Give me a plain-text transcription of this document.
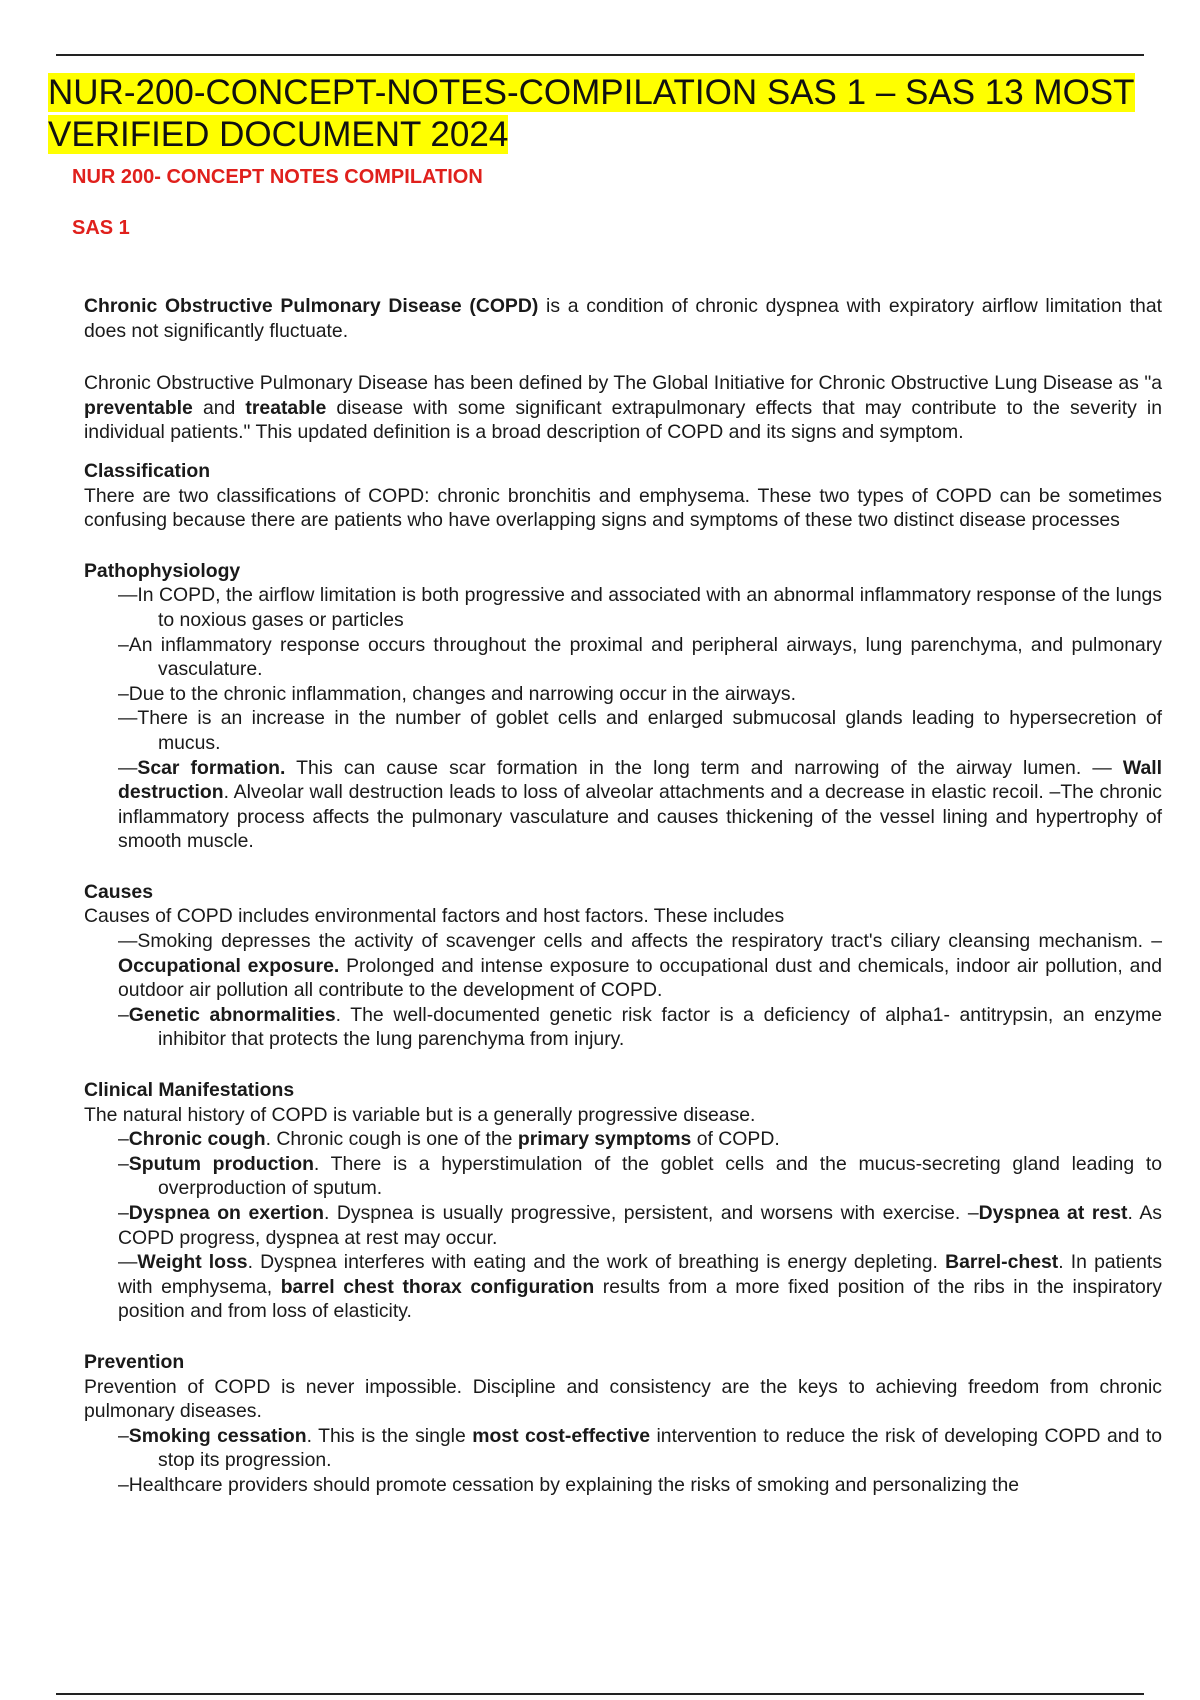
NUR-200-CONCEPT-NOTES-COMPILATION SAS 1 – SAS 13 MOST
VERIFIED DOCUMENT 2024
NUR 200- CONCEPT NOTES COMPILATION
SAS 1

Chronic Obstructive Pulmonary Disease (COPD) is a condition of chronic dyspnea with expiratory airflow limitation that does not significantly fluctuate.

Chronic Obstructive Pulmonary Disease has been defined by The Global Initiative for Chronic Obstructive Lung Disease as "a preventable and treatable disease with some significant extrapulmonary effects that may contribute to the severity in individual patients." This updated definition is a broad description of COPD and its signs and symptom.

Classification

There are two classifications of COPD: chronic bronchitis and emphysema. These two types of COPD can be sometimes confusing because there are patients who have overlapping signs and symptoms of these two distinct disease processes

Pathophysiology
—In COPD, the airflow limitation is both progressive and associated with an abnormal inflammatory response of the lungs to noxious gases or particles
–An inflammatory response occurs throughout the proximal and peripheral airways, lung parenchyma, and pulmonary vasculature.
–Due to the chronic inflammation, changes and narrowing occur in the airways.
—There is an increase in the number of goblet cells and enlarged submucosal glands leading to hypersecretion of mucus.
—Scar formation. This can cause scar formation in the long term and narrowing of the airway lumen. — Wall destruction. Alveolar wall destruction leads to loss of alveolar attachments and a decrease in elastic recoil. –The chronic inflammatory process affects the pulmonary vasculature and causes thickening of the vessel lining and hypertrophy of smooth muscle.
Causes

Causes of COPD includes environmental factors and host factors. These includes

—Smoking depresses the activity of scavenger cells and affects the respiratory tract's ciliary cleansing mechanism. –Occupational exposure. Prolonged and intense exposure to occupational dust and chemicals, indoor air pollution, and outdoor air pollution all contribute to the development of COPD.
–Genetic abnormalities. The well-documented genetic risk factor is a deficiency of alpha1- antitrypsin, an enzyme inhibitor that protects the lung parenchyma from injury.
Clinical Manifestations

The natural history of COPD is variable but is a generally progressive disease.

–Chronic cough. Chronic cough is one of the primary symptoms of COPD.
–Sputum production. There is a hyperstimulation of the goblet cells and the mucus-secreting gland leading to overproduction of sputum.
–Dyspnea on exertion. Dyspnea is usually progressive, persistent, and worsens with exercise. –Dyspnea at rest. As COPD progress, dyspnea at rest may occur.
—Weight loss. Dyspnea interferes with eating and the work of breathing is energy depleting. Barrel-chest. In patients with emphysema, barrel chest thorax configuration results from a more fixed position of the ribs in the inspiratory position and from loss of elasticity.
Prevention

Prevention of COPD is never impossible. Discipline and consistency are the keys to achieving freedom from chronic pulmonary diseases.

–Smoking cessation. This is the single most cost-effective intervention to reduce the risk of developing COPD and to stop its progression.
–Healthcare providers should promote cessation by explaining the risks of smoking and personalizing the
